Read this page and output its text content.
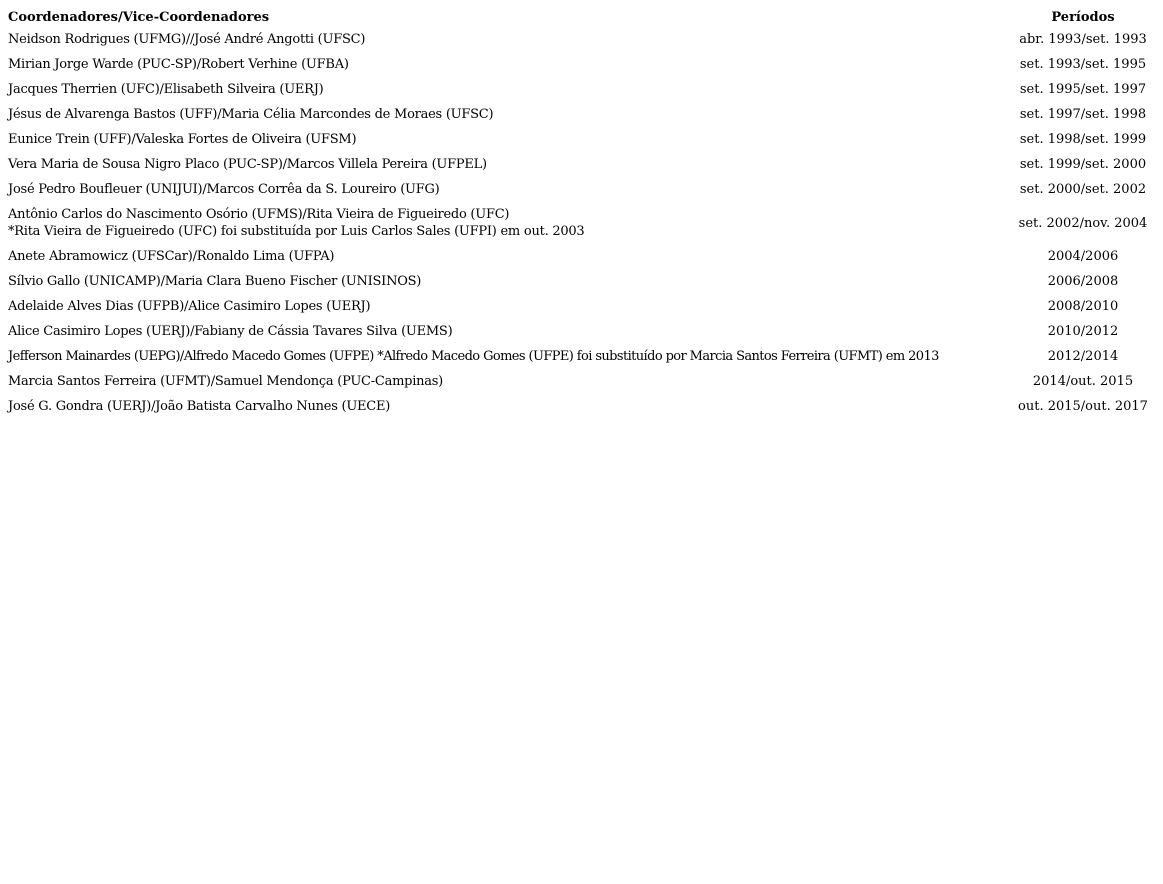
Coordenadores/Vice-Coordenadores	Períodos
Neidson Rodrigues (UFMG)//José André Angotti (UFSC)	abr. 1993/set. 1993
Mirian Jorge Warde (PUC-SP)/Robert Verhine (UFBA)	set. 1993/set. 1995
Jacques Therrien (UFC)/Elisabeth Silveira (UERJ)	set. 1995/set. 1997
Jésus de Alvarenga Bastos (UFF)/Maria Célia Marcondes de Moraes (UFSC)	set. 1997/set. 1998
Eunice Trein (UFF)/Valeska Fortes de Oliveira (UFSM)	set. 1998/set. 1999
Vera Maria de Sousa Nigro Placo (PUC-SP)/Marcos Villela Pereira (UFPEL)	set. 1999/set. 2000
José Pedro Boufleuer (UNIJUI)/Marcos Corrêa da S. Loureiro (UFG)	set. 2000/set. 2002

Antônio Carlos do Nascimento Osório (UFMS)/Rita Vieira de Figueiredo (UFC)
*Rita Vieira de Figueiredo (UFC) foi substituída por Luis Carlos Sales (UFPI) em out. 2003	set. 2002/nov. 2004
Anete Abramowicz (UFSCar)/Ronaldo Lima (UFPA)	2004/2006
Sílvio Gallo (UNICAMP)/Maria Clara Bueno Fischer (UNISINOS)	2006/2008
Adelaide Alves Dias (UFPB)/Alice Casimiro Lopes (UERJ)	2008/2010
Alice Casimiro Lopes (UERJ)/Fabiany de Cássia Tavares Silva (UEMS)	2010/2012
Jefferson Mainardes (UEPG)/Alfredo Macedo Gomes (UFPE) *Alfredo Macedo Gomes (UFPE) foi substituído por Marcia Santos Ferreira (UFMT) em 2013	2012/2014
Marcia Santos Ferreira (UFMT)/Samuel Mendonça (PUC-Campinas)	2014/out. 2015
José G. Gondra (UERJ)/João Batista Carvalho Nunes (UECE)	out. 2015/out. 2017
